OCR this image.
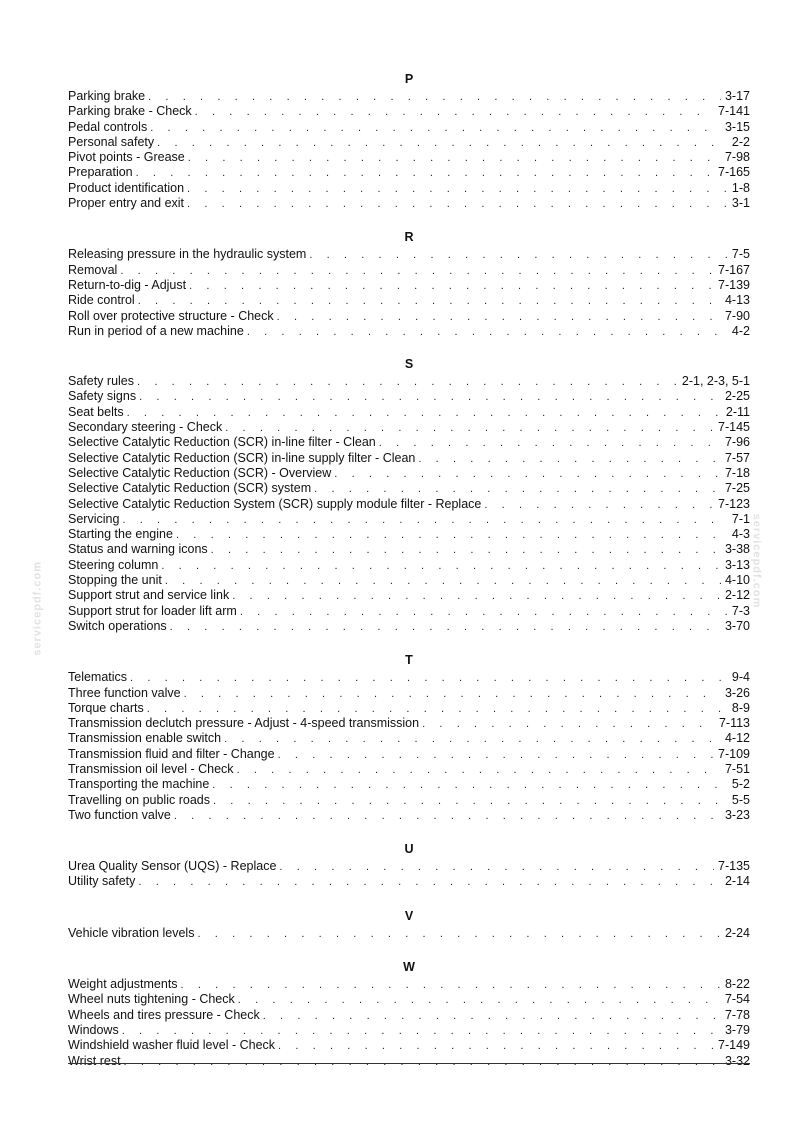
servicepdf.com	servicepdf.com
P
Parking brake . . .	3-17
Parking brake - Check . . .	7-141
Pedal controls . . .	3-15
Personal safety . . .	2-2
Pivot points - Grease . . .	7-98
Preparation . . .	7-165
Product identification . . .	1-8
Proper entry and exit . . .	3-1
R
Releasing pressure in the hydraulic system . . .	7-5
Removal . . .	7-167
Return-to-dig - Adjust . . .	7-139
Ride control . . .	4-13
Roll over protective structure - Check . . .	7-90
Run in period of a new machine . . .	4-2
S
Safety rules . . .	2-1, 2-3, 5-1
Safety signs . . .	2-25
Seat belts . . .	2-11
Secondary steering - Check . . .	7-145
Selective Catalytic Reduction (SCR) in-line filter - Clean . . .	7-96
Selective Catalytic Reduction (SCR) in-line supply filter - Clean . . .	7-57
Selective Catalytic Reduction (SCR) - Overview . . .	7-18
Selective Catalytic Reduction (SCR) system . . .	7-25
Selective Catalytic Reduction System (SCR) supply module filter - Replace . . .	7-123
Servicing . . .	7-1
Starting the engine . . .	4-3
Status and warning icons . . .	3-38
Steering column . . .	3-13
Stopping the unit . . .	4-10
Support strut and service link . . .	2-12
Support strut for loader lift arm . . .	7-3
Switch operations . . .	3-70
T
Telematics . . .	9-4
Three function valve . . .	3-26
Torque charts . . .	8-9
Transmission declutch pressure - Adjust - 4-speed transmission . . .	7-113
Transmission enable switch . . .	4-12
Transmission fluid and filter - Change . . .	7-109
Transmission oil level - Check . . .	7-51
Transporting the machine . . .	5-2
Travelling on public roads . . .	5-5
Two function valve . . .	3-23
U
Urea Quality Sensor (UQS) - Replace . . .	7-135
Utility safety . . .	2-14
V
Vehicle vibration levels . . .	2-24
W
Weight adjustments . . .	8-22
Wheel nuts tightening - Check . . .	7-54
Wheels and tires pressure - Check . . .	7-78
Windows . . .	3-79
Windshield washer fluid level - Check . . .	7-149
Wrist rest . . .	3-32
